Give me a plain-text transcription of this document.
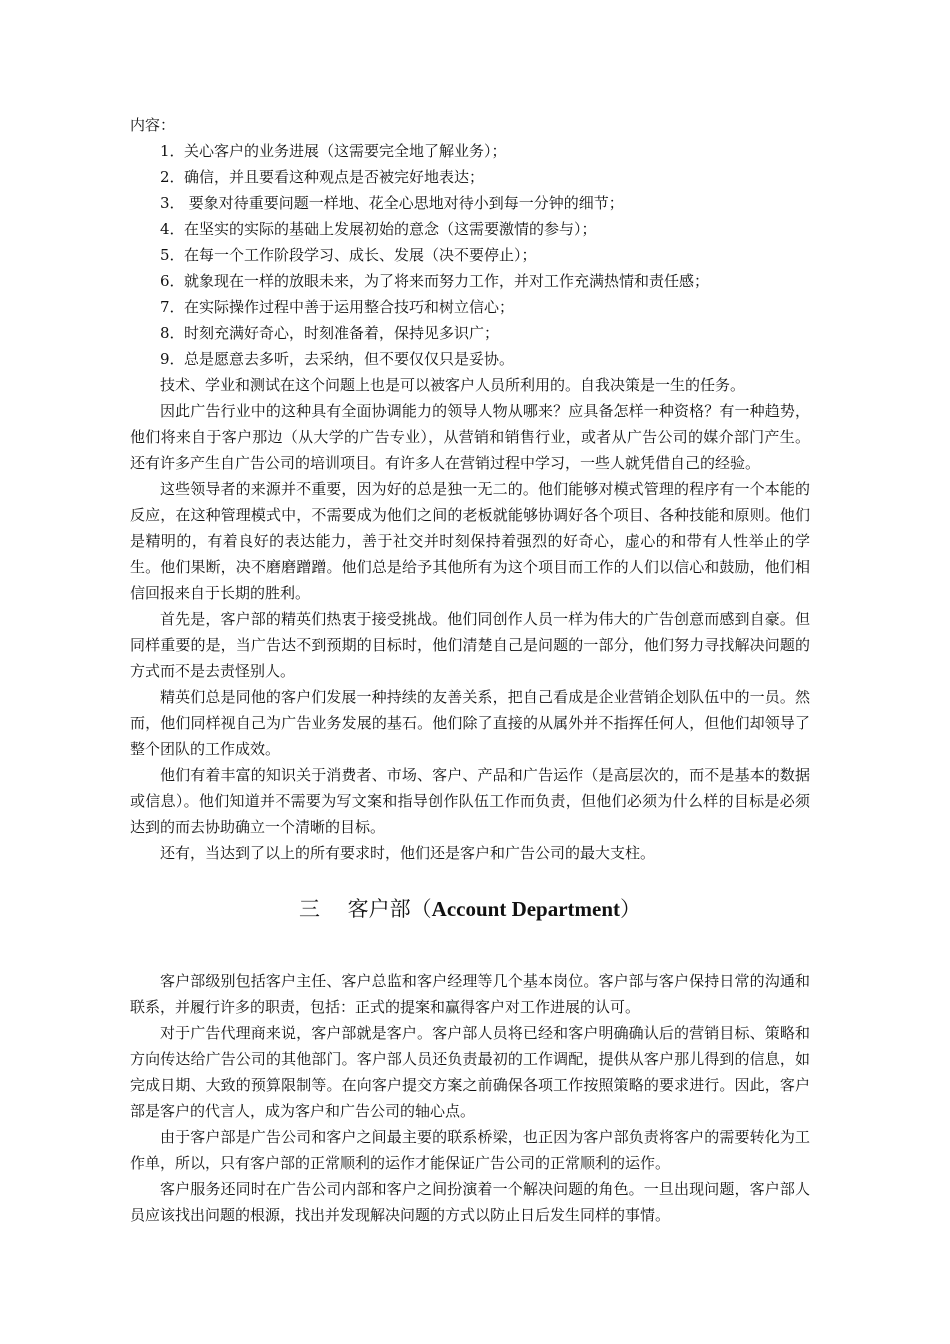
内容：

1．关心客户的业务进展（这需要完全地了解业务）；

2．确信，并且要看这种观点是否被完好地表达；

3． 要象对待重要问题一样地、花全心思地对待小到每一分钟的细节；

4．在坚实的实际的基础上发展初始的意念（这需要激情的参与）；

5．在每一个工作阶段学习、成长、发展（决不要停止）；

6．就象现在一样的放眼未来，为了将来而努力工作，并对工作充满热情和责任感；

7．在实际操作过程中善于运用整合技巧和树立信心；

8．时刻充满好奇心，时刻准备着，保持见多识广；

9．总是愿意去多听，去采纳，但不要仅仅只是妥协。

技术、学业和测试在这个问题上也是可以被客户人员所利用的。自我决策是一生的任务。

因此广告行业中的这种具有全面协调能力的领导人物从哪来？应具备怎样一种资格？有一种趋势，他们将来自于客户那边（从大学的广告专业），从营销和销售行业，或者从广告公司的媒介部门产生。还有许多产生自广告公司的培训项目。有许多人在营销过程中学习，一些人就凭借自己的经验。

这些领导者的来源并不重要，因为好的总是独一无二的。他们能够对模式管理的程序有一个本能的反应，在这种管理模式中，不需要成为他们之间的老板就能够协调好各个项目、各种技能和原则。他们是精明的，有着良好的表达能力，善于社交并时刻保持着强烈的好奇心，虚心的和带有人性举止的学生。他们果断，决不磨磨蹭蹭。他们总是给予其他所有为这个项目而工作的人们以信心和鼓励，他们相信回报来自于长期的胜利。

首先是，客户部的精英们热衷于接受挑战。他们同创作人员一样为伟大的广告创意而感到自豪。但同样重要的是，当广告达不到预期的目标时，他们清楚自己是问题的一部分，他们努力寻找解决问题的方式而不是去责怪别人。

精英们总是同他的客户们发展一种持续的友善关系，把自己看成是企业营销企划队伍中的一员。然而，他们同样视自己为广告业务发展的基石。他们除了直接的从属外并不指挥任何人，但他们却领导了整个团队的工作成效。

他们有着丰富的知识关于消费者、市场、客户、产品和广告运作（是高层次的，而不是基本的数据或信息）。他们知道并不需要为写文案和指导创作队伍工作而负责，但他们必须为什么样的目标是必须达到的而去协助确立一个清晰的目标。

还有，当达到了以上的所有要求时，他们还是客户和广告公司的最大支柱。

三　 客户部（Account Department）

客户部级别包括客户主任、客户总监和客户经理等几个基本岗位。客户部与客户保持日常的沟通和联系，并履行许多的职责，包括：正式的提案和赢得客户对工作进展的认可。

对于广告代理商来说，客户部就是客户。客户部人员将已经和客户明确确认后的营销目标、策略和方向传达给广告公司的其他部门。客户部人员还负责最初的工作调配，提供从客户那儿得到的信息，如完成日期、大致的预算限制等。在向客户提交方案之前确保各项工作按照策略的要求进行。因此，客户部是客户的代言人，成为客户和广告公司的轴心点。

由于客户部是广告公司和客户之间最主要的联系桥梁，也正因为客户部负责将客户的需要转化为工作单，所以，只有客户部的正常顺利的运作才能保证广告公司的正常顺利的运作。

客户服务还同时在广告公司内部和客户之间扮演着一个解决问题的角色。一旦出现问题，客户部人员应该找出问题的根源，找出并发现解决问题的方式以防止日后发生同样的事情。
